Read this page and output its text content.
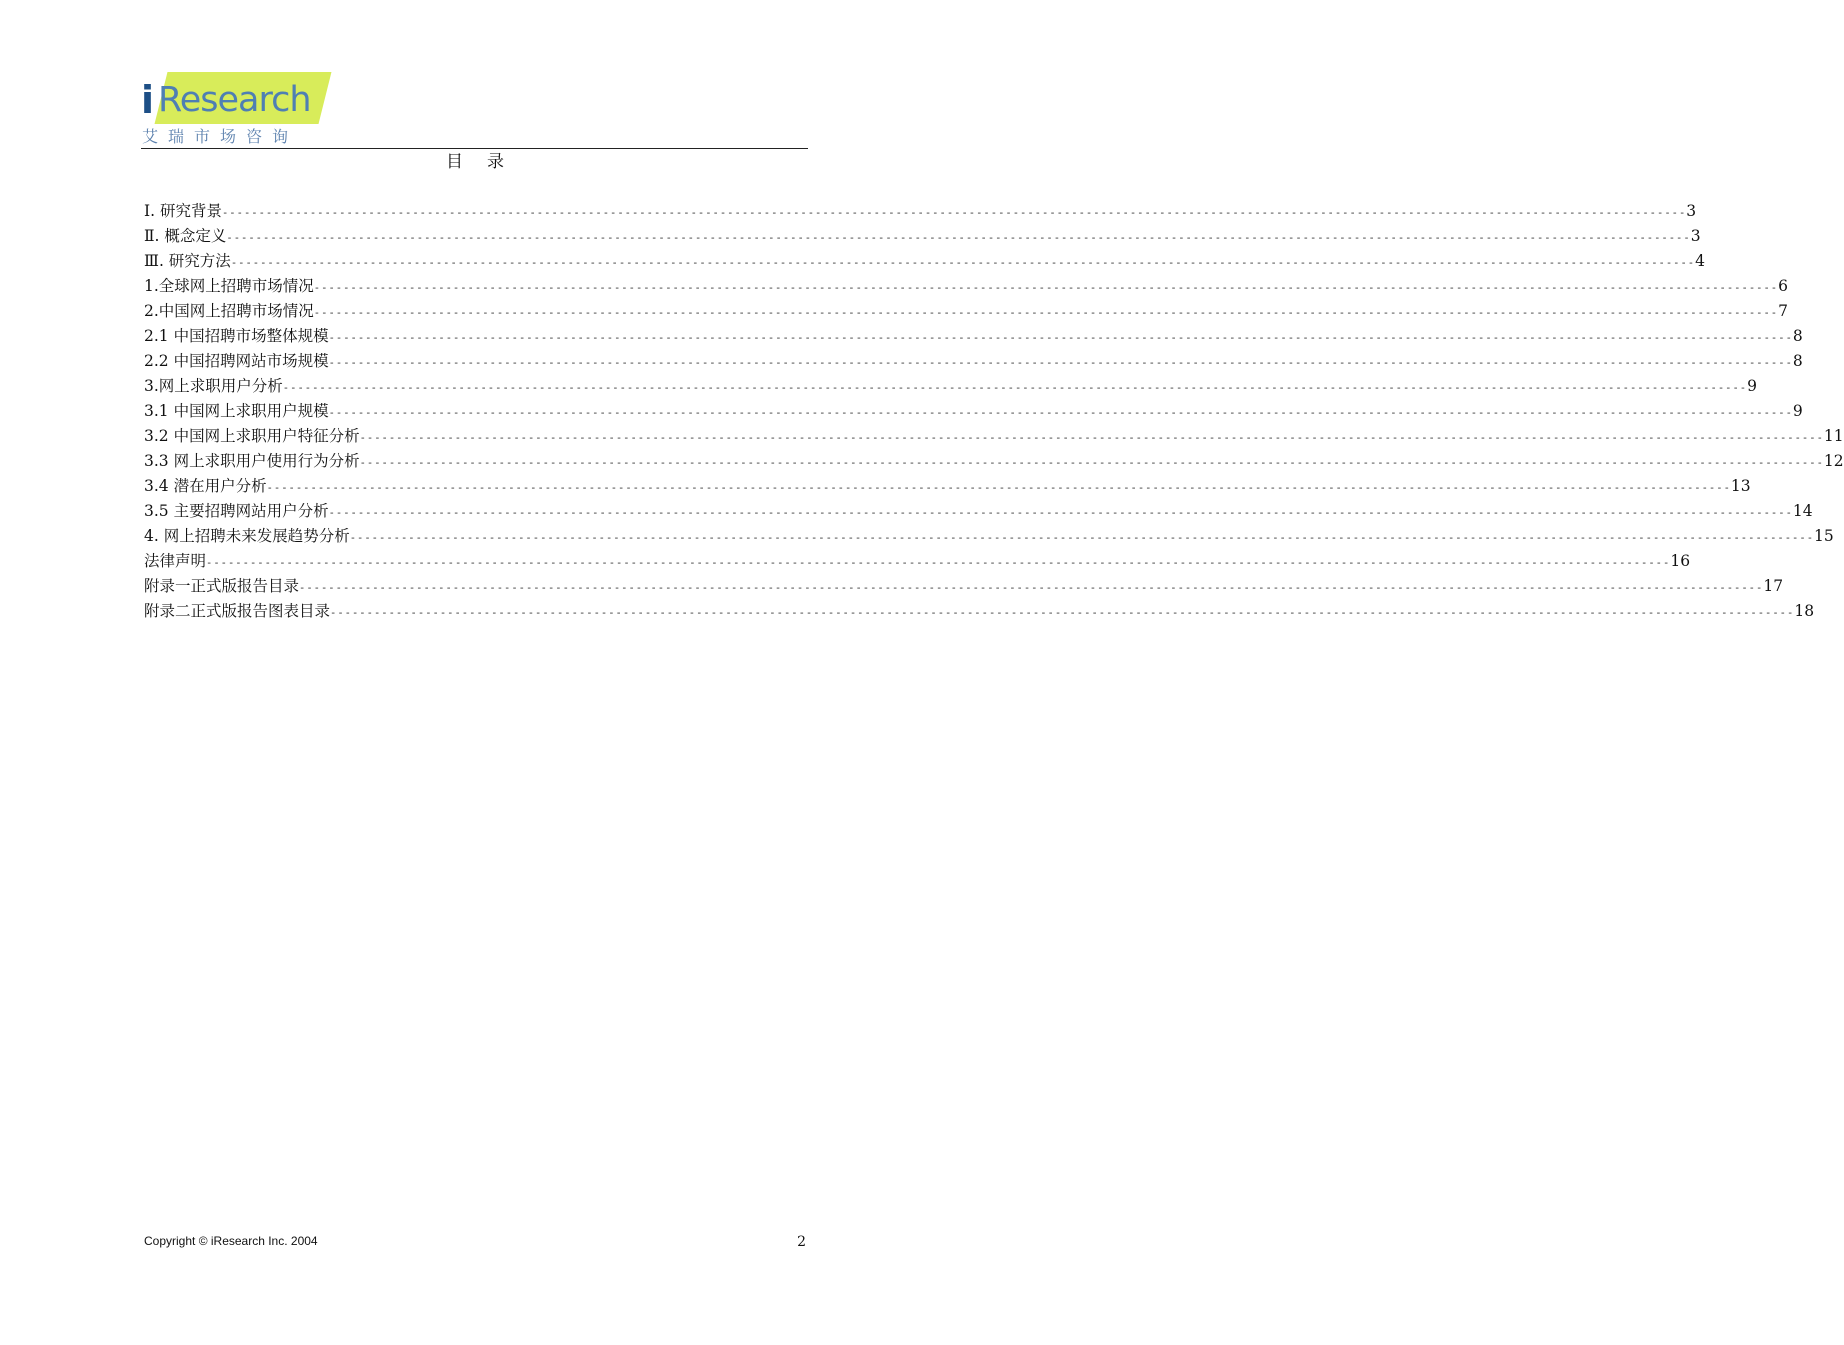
i Research
艾瑞市场咨询
目录
Ⅰ. 研究背景 -------------------------------------------------------------------------------------------------------------------------------------------------------------------------------------------------------- 3
Ⅱ. 概念定义 -------------------------------------------------------------------------------------------------------------------------------------------------------------------------------------------------------- 3
Ⅲ. 研究方法 -------------------------------------------------------------------------------------------------------------------------------------------------------------------------------------------------------- 4
1.全球网上招聘市场情况 -------------------------------------------------------------------------------------------------------------------------------------------------------------------------------------------------------- 6
2.中国网上招聘市场情况 -------------------------------------------------------------------------------------------------------------------------------------------------------------------------------------------------------- 7
2.1 中国招聘市场整体规模 -------------------------------------------------------------------------------------------------------------------------------------------------------------------------------------------------------- 8
2.2 中国招聘网站市场规模 -------------------------------------------------------------------------------------------------------------------------------------------------------------------------------------------------------- 8
3.网上求职用户分析 -------------------------------------------------------------------------------------------------------------------------------------------------------------------------------------------------------- 9
3.1 中国网上求职用户规模 -------------------------------------------------------------------------------------------------------------------------------------------------------------------------------------------------------- 9
3.2 中国网上求职用户特征分析 -------------------------------------------------------------------------------------------------------------------------------------------------------------------------------------------------------- 11
3.3 网上求职用户使用行为分析 -------------------------------------------------------------------------------------------------------------------------------------------------------------------------------------------------------- 12
3.4 潜在用户分析 -------------------------------------------------------------------------------------------------------------------------------------------------------------------------------------------------------- 13
3.5 主要招聘网站用户分析 -------------------------------------------------------------------------------------------------------------------------------------------------------------------------------------------------------- 14
4. 网上招聘未来发展趋势分析 -------------------------------------------------------------------------------------------------------------------------------------------------------------------------------------------------------- 15
法律声明 -------------------------------------------------------------------------------------------------------------------------------------------------------------------------------------------------------- 16
附录一正式版报告目录 -------------------------------------------------------------------------------------------------------------------------------------------------------------------------------------------------------- 17
附录二正式版报告图表目录 -------------------------------------------------------------------------------------------------------------------------------------------------------------------------------------------------------- 18
Copyright © iResearch Inc. 2004	2
